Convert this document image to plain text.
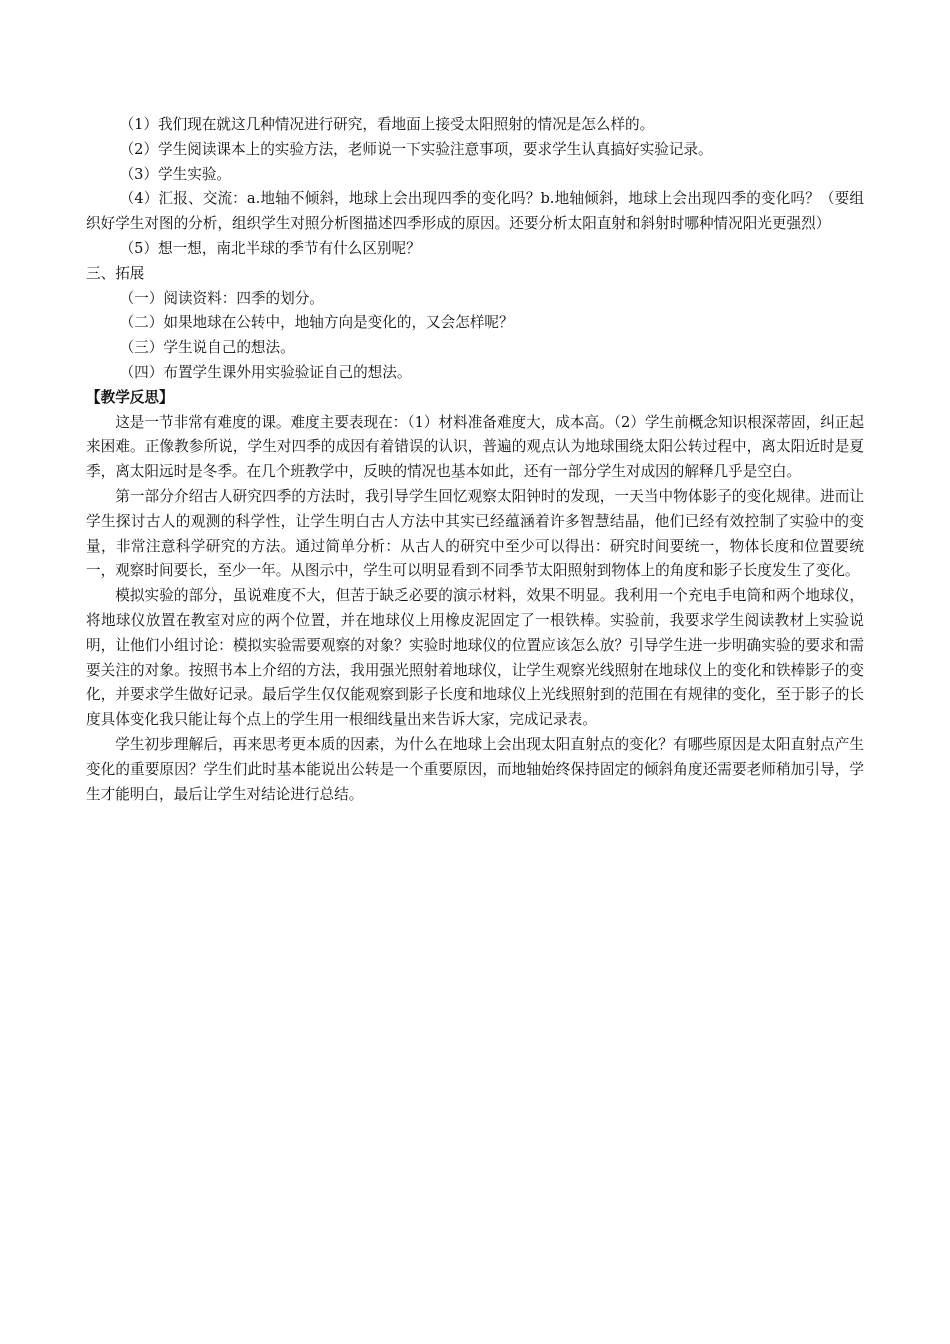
（1）我们现在就这几种情况进行研究，看地面上接受太阳照射的情况是怎么样的。

（2）学生阅读课本上的实验方法，老师说一下实验注意事项，要求学生认真搞好实验记录。

（3）学生实验。

（4）汇报、交流：a.地轴不倾斜，地球上会出现四季的变化吗？b.地轴倾斜，地球上会出现四季的变化吗？（要组织好学生对图的分析，组织学生对照分析图描述四季形成的原因。还要分析太阳直射和斜射时哪种情况阳光更强烈）

（5）想一想，南北半球的季节有什么区别呢？

三、拓展

（一）阅读资料：四季的划分。

（二）如果地球在公转中，地轴方向是变化的，又会怎样呢？

（三）学生说自己的想法。

（四）布置学生课外用实验验证自己的想法。

【教学反思】

这是一节非常有难度的课。难度主要表现在：（1）材料准备难度大，成本高。（2）学生前概念知识根深蒂固，纠正起来困难。正像教参所说，学生对四季的成因有着错误的认识，普遍的观点认为地球围绕太阳公转过程中，离太阳近时是夏季，离太阳远时是冬季。在几个班教学中，反映的情况也基本如此，还有一部分学生对成因的解释几乎是空白。

第一部分介绍古人研究四季的方法时，我引导学生回忆观察太阳钟时的发现，一天当中物体影子的变化规律。进而让学生探讨古人的观测的科学性，让学生明白古人方法中其实已经蕴涵着许多智慧结晶，他们已经有效控制了实验中的变量，非常注意科学研究的方法。通过简单分析：从古人的研究中至少可以得出：研究时间要统一，物体长度和位置要统一，观察时间要长，至少一年。从图示中，学生可以明显看到不同季节太阳照射到物体上的角度和影子长度发生了变化。

模拟实验的部分，虽说难度不大，但苦于缺乏必要的演示材料，效果不明显。我利用一个充电手电筒和两个地球仪，将地球仪放置在教室对应的两个位置，并在地球仪上用橡皮泥固定了一根铁棒。实验前，我要求学生阅读教材上实验说明，让他们小组讨论：模拟实验需要观察的对象？实验时地球仪的位置应该怎么放？引导学生进一步明确实验的要求和需要关注的对象。按照书本上介绍的方法，我用强光照射着地球仪，让学生观察光线照射在地球仪上的变化和铁棒影子的变化，并要求学生做好记录。最后学生仅仅能观察到影子长度和地球仪上光线照射到的范围在有规律的变化，至于影子的长度具体变化我只能让每个点上的学生用一根细线量出来告诉大家，完成记录表。

学生初步理解后，再来思考更本质的因素，为什么在地球上会出现太阳直射点的变化？有哪些原因是太阳直射点产生变化的重要原因？学生们此时基本能说出公转是一个重要原因，而地轴始终保持固定的倾斜角度还需要老师稍加引导，学生才能明白，最后让学生对结论进行总结。
